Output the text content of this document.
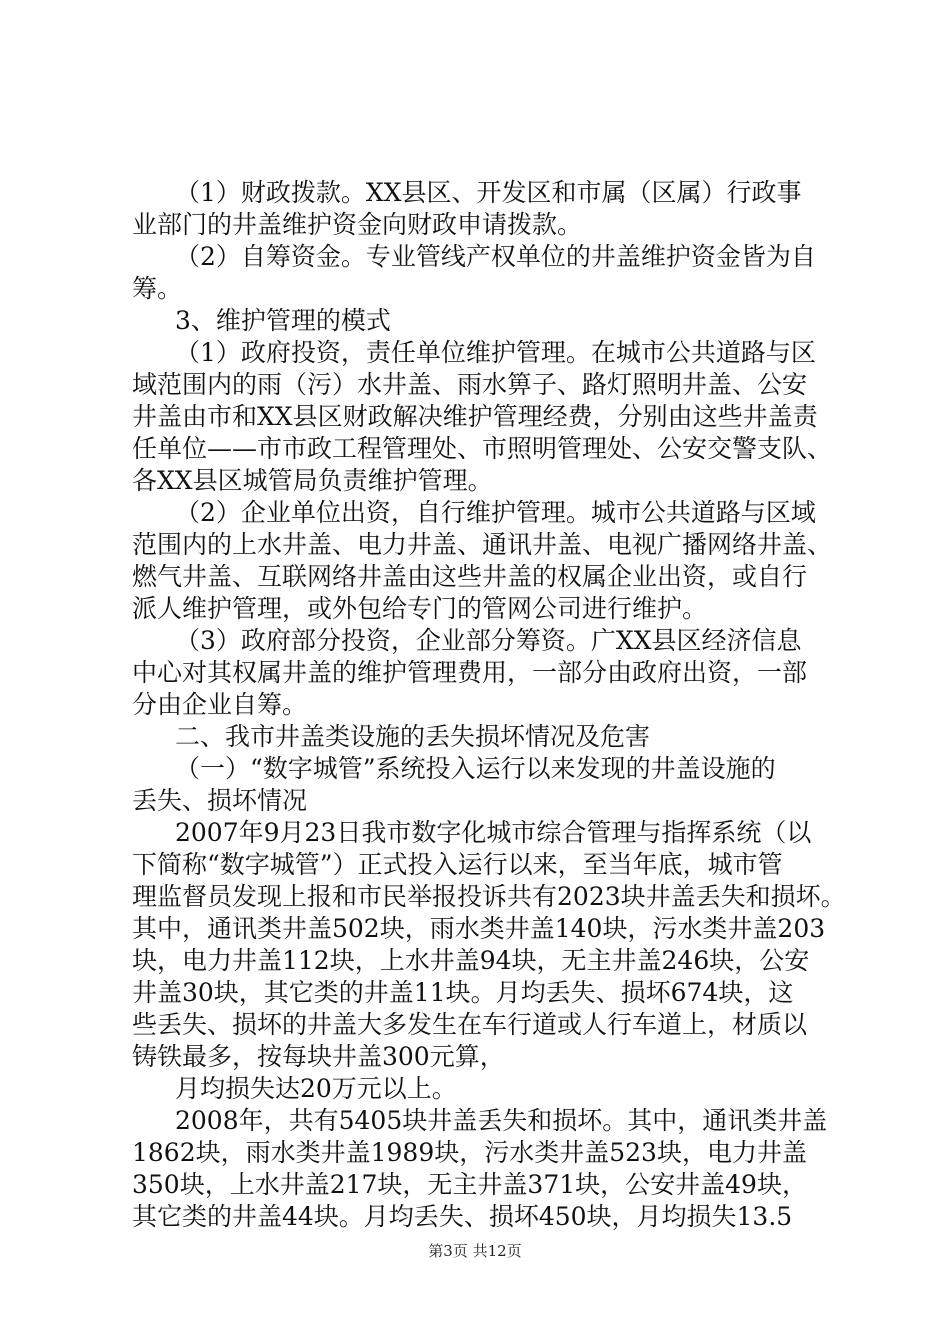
（1）财政拨款。XX县区、开发区和市属（区属）行政事
业部门的井盖维护资金向财政申请拨款。
（2）自筹资金。专业管线产权单位的井盖维护资金皆为自
筹。
3、维护管理的模式
（1）政府投资，责任单位维护管理。在城市公共道路与区
域范围内的雨（污）水井盖、雨水箅子、路灯照明井盖、公安
井盖由市和XX县区财政解决维护管理经费，分别由这些井盖责
任单位——市市政工程管理处、市照明管理处、公安交警支队、
各XX县区城管局负责维护管理。
（2）企业单位出资，自行维护管理。城市公共道路与区域
范围内的上水井盖、电力井盖、通讯井盖、电视广播网络井盖、
燃气井盖、互联网络井盖由这些井盖的权属企业出资，或自行
派人维护管理，或外包给专门的管网公司进行维护。
（3）政府部分投资，企业部分筹资。广XX县区经济信息
中心对其权属井盖的维护管理费用，一部分由政府出资，一部
分由企业自筹。
二、我市井盖类设施的丢失损坏情况及危害
（一）“数字城管”系统投入运行以来发现的井盖设施的
丢失、损坏情况
2007年9月23日我市数字化城市综合管理与指挥系统（以
下简称“数字城管”）正式投入运行以来，至当年底，城市管
理监督员发现上报和市民举报投诉共有2023块井盖丢失和损坏。
其中，通讯类井盖502块，雨水类井盖140块，污水类井盖203
块，电力井盖112块，上水井盖94块，无主井盖246块，公安
井盖30块，其它类的井盖11块。月均丢失、损坏674块，这
些丢失、损坏的井盖大多发生在车行道或人行车道上，材质以
铸铁最多，按每块井盖300元算，
月均损失达20万元以上。
2008年，共有5405块井盖丢失和损坏。其中，通讯类井盖
1862块，雨水类井盖1989块，污水类井盖523块，电力井盖
350块，上水井盖217块，无主井盖371块，公安井盖49块，
其它类的井盖44块。月均丢失、损坏450块，月均损失13.5
第3页 共12页
